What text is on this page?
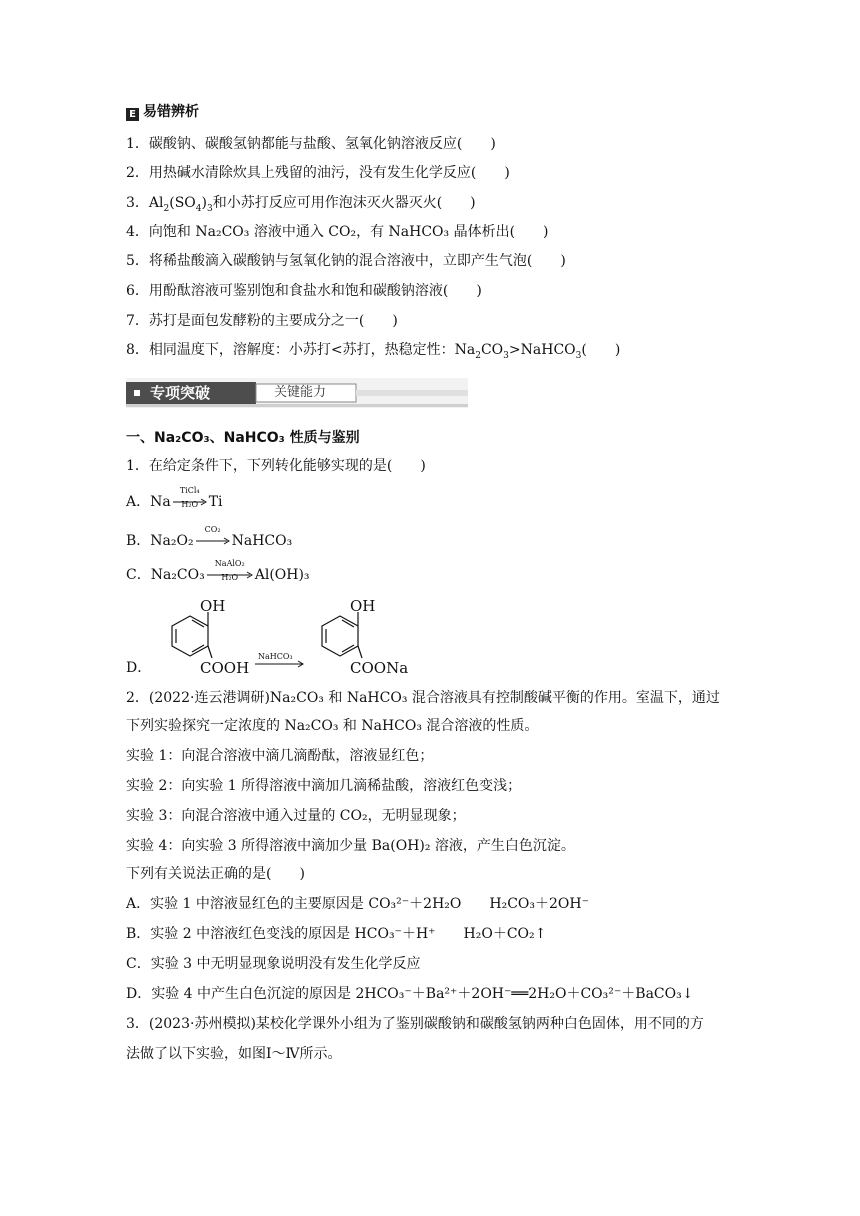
E 易错辨析
1．碳酸钠、碳酸氢钠都能与盐酸、氢氧化钠溶液反应(　　)
2．用热碱水清除炊具上残留的油污，没有发生化学反应(　　)
3．$Al_2(SO_4)_3$和小苏打反应可用作泡沫灭火器灭火(　　)
4．向饱和 Na₂CO₃ 溶液中通入 CO₂，有 NaHCO₃ 晶体析出(　　)
5．将稀盐酸滴入碳酸钠与氢氧化钠的混合溶液中，立即产生气泡(　　)
6．用酚酞溶液可鉴别饱和食盐水和饱和碳酸钠溶液(　　)
7．苏打是面包发酵粉的主要成分之一(　　)
8．相同温度下，溶解度：小苏打<苏打，热稳定性：$Na_2CO_3>NaHCO_3$(　　)
专项突破	关键能力
一、Na₂CO₃、NaHCO₃ 性质与鉴别
1．在给定条件下，下列转化能够实现的是(　　)
A．Na
TiCl₄
H₂O Ti
B．Na₂O₂
CO₂
NaHCO₃
C．Na₂CO₃
NaAlO₂
H₂O	Al(OH)₃
D．
OH
COOH
NaHCO₃
OH
COONa
2．(2022·连云港调研)Na₂CO₃ 和 NaHCO₃ 混合溶液具有控制酸碱平衡的作用。室温下，通过
下列实验探究一定浓度的 Na₂CO₃ 和 NaHCO₃ 混合溶液的性质。
实验 1：向混合溶液中滴几滴酚酞，溶液显红色；
实验 2：向实验 1 所得溶液中滴加几滴稀盐酸，溶液红色变浅；
实验 3：向混合溶液中通入过量的 CO₂，无明显现象；
实验 4：向实验 3 所得溶液中滴加少量 Ba(OH)₂ 溶液，产生白色沉淀。
下列有关说法正确的是(　　)
A．实验 1 中溶液显红色的主要原因是 CO₃²⁻＋2H₂O　　H₂CO₃＋2OH⁻
B．实验 2 中溶液红色变浅的原因是 HCO₃⁻＋H⁺　　H₂O＋CO₂↑
C．实验 3 中无明显现象说明没有发生化学反应
D．实验 4 中产生白色沉淀的原因是 2HCO₃⁻＋Ba²⁺＋2OH⁻══2H₂O＋CO₃²⁻＋BaCO₃↓
3．(2023·苏州模拟)某校化学课外小组为了鉴别碳酸钠和碳酸氢钠两种白色固体，用不同的方
法做了以下实验，如图Ⅰ～Ⅳ所示。
